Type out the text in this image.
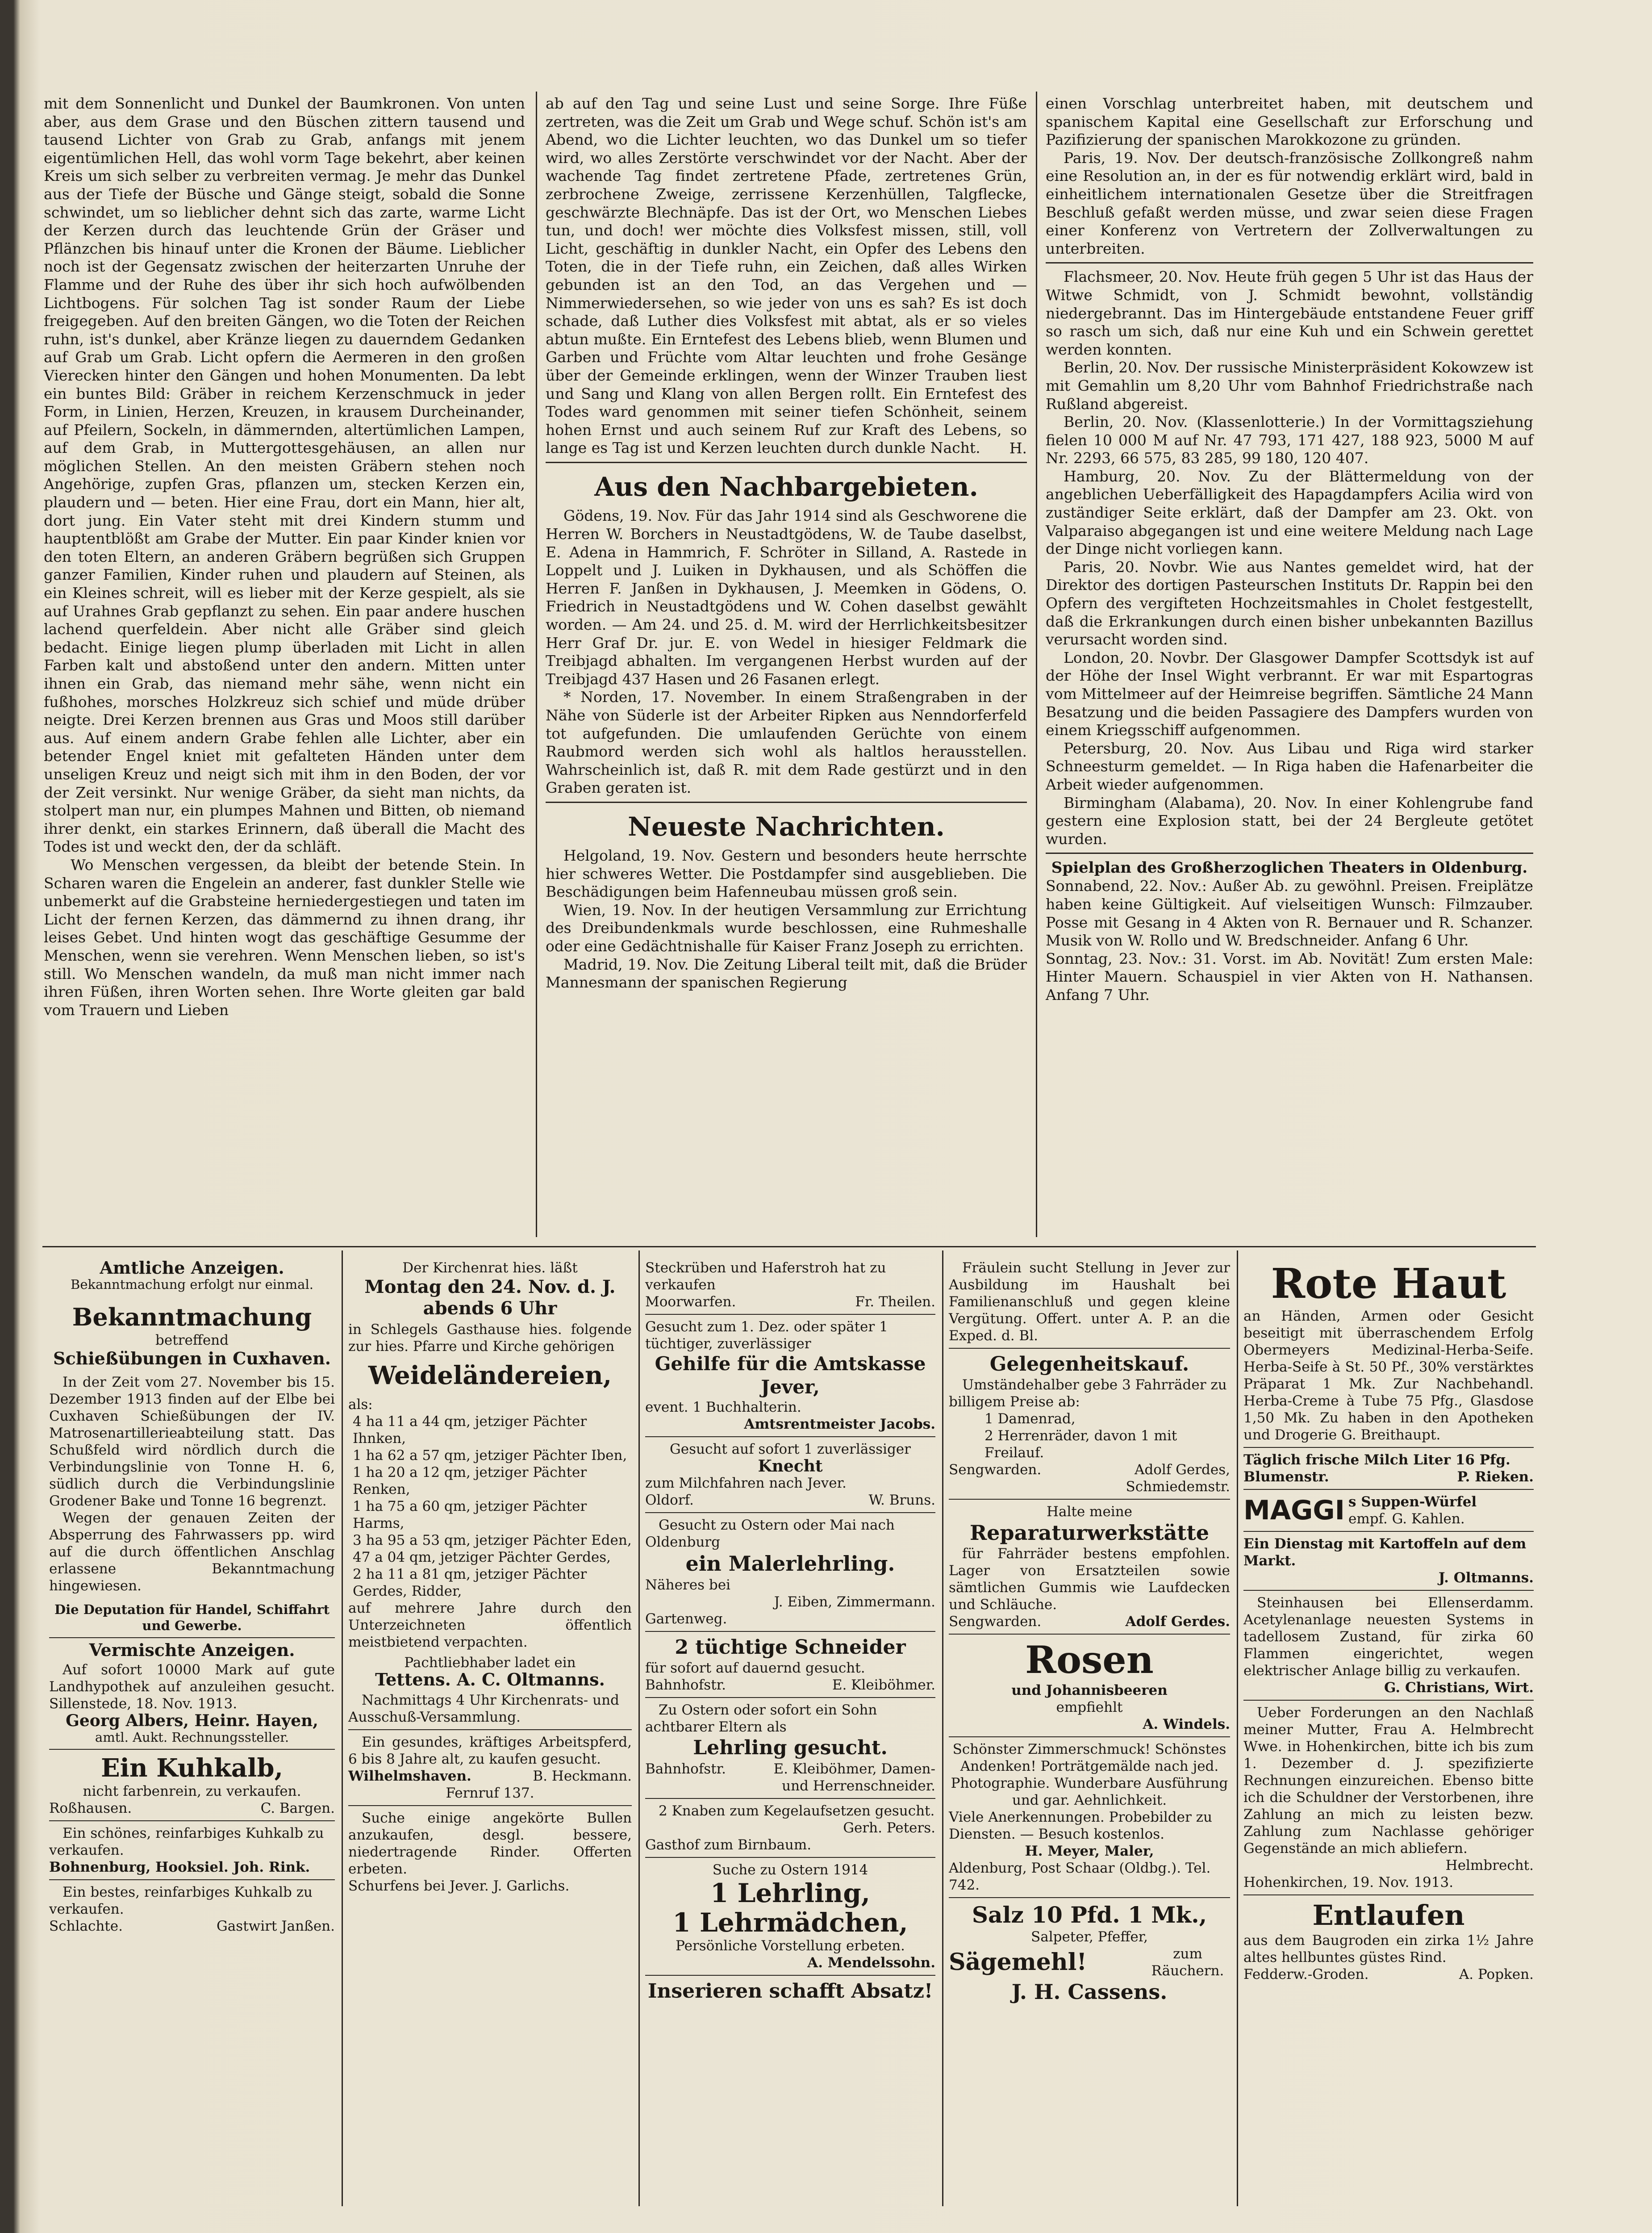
mit dem Sonnenlicht und Dunkel der Baumkronen. Von unten aber, aus dem Grase und den Büschen zittern tausend und tausend Lichter von Grab zu Grab, anfangs mit jenem eigentümlichen Hell, das wohl vorm Tage bekehrt, aber keinen Kreis um sich selber zu verbreiten vermag. Je mehr das Dunkel aus der Tiefe der Büsche und Gänge steigt, sobald die Sonne schwindet, um so lieblicher dehnt sich das zarte, warme Licht der Kerzen durch das leuchtende Grün der Gräser und Pflänzchen bis hinauf unter die Kronen der Bäume. Lieblicher noch ist der Gegensatz zwischen der heiterzarten Unruhe der Flamme und der Ruhe des über ihr sich hoch aufwölbenden Lichtbogens. Für solchen Tag ist sonder Raum der Liebe freigegeben. Auf den breiten Gängen, wo die Toten der Reichen ruhn, ist's dunkel, aber Kränze liegen zu dauerndem Gedanken auf Grab um Grab. Licht opfern die Aermeren in den großen Vierecken hinter den Gängen und hohen Monumenten. Da lebt ein buntes Bild: Gräber in reichem Kerzenschmuck in jeder Form, in Linien, Herzen, Kreuzen, in krausem Durcheinander, auf Pfeilern, Sockeln, in dämmernden, altertümlichen Lampen, auf dem Grab, in Muttergottesgehäusen, an allen nur möglichen Stellen. An den meisten Gräbern stehen noch Angehörige, zupfen Gras, pflanzen um, stecken Kerzen ein, plaudern und — beten. Hier eine Frau, dort ein Mann, hier alt, dort jung. Ein Vater steht mit drei Kindern stumm und hauptentblößt am Grabe der Mutter. Ein paar Kinder knien vor den toten Eltern, an anderen Gräbern begrüßen sich Gruppen ganzer Familien, Kinder ruhen und plaudern auf Steinen, als ein Kleines schreit, will es lieber mit der Kerze gespielt, als sie auf Urahnes Grab gepflanzt zu sehen. Ein paar andere huschen lachend querfeldein. Aber nicht alle Gräber sind gleich bedacht. Einige liegen plump überladen mit Licht in allen Farben kalt und abstoßend unter den andern. Mitten unter ihnen ein Grab, das niemand mehr sähe, wenn nicht ein fußhohes, morsches Holzkreuz sich schief und müde drüber neigte. Drei Kerzen brennen aus Gras und Moos still darüber aus. Auf einem andern Grabe fehlen alle Lichter, aber ein betender Engel kniet mit gefalteten Händen unter dem unseligen Kreuz und neigt sich mit ihm in den Boden, der vor der Zeit versinkt. Nur wenige Gräber, da sieht man nichts, da stolpert man nur, ein plumpes Mahnen und Bitten, ob niemand ihrer denkt, ein starkes Erinnern, daß überall die Macht des Todes ist und weckt den, der da schläft.

Wo Menschen vergessen, da bleibt der betende Stein. In Scharen waren die Engelein an anderer, fast dunkler Stelle wie unbemerkt auf die Grabsteine herniedergestiegen und taten im Licht der fernen Kerzen, das dämmernd zu ihnen drang, ihr leises Gebet. Und hinten wogt das geschäftige Gesumme der Menschen, wenn sie verehren. Wenn Menschen lieben, so ist's still. Wo Menschen wandeln, da muß man nicht immer nach ihren Füßen, ihren Worten sehen. Ihre Worte gleiten gar bald vom Trauern und Lieben

ab auf den Tag und seine Lust und seine Sorge. Ihre Füße zertreten, was die Zeit um Grab und Wege schuf. Schön ist's am Abend, wo die Lichter leuchten, wo das Dunkel um so tiefer wird, wo alles Zerstörte verschwindet vor der Nacht. Aber der wachende Tag findet zertretene Pfade, zertretenes Grün, zerbrochene Zweige, zerrissene Kerzenhüllen, Talgflecke, geschwärzte Blechnäpfe. Das ist der Ort, wo Menschen Liebes tun, und doch! wer möchte dies Volksfest missen, still, voll Licht, geschäftig in dunkler Nacht, ein Opfer des Lebens den Toten, die in der Tiefe ruhn, ein Zeichen, daß alles Wirken gebunden ist an den Tod, an das Vergehen und — Nimmerwiedersehen, so wie jeder von uns es sah? Es ist doch schade, daß Luther dies Volksfest mit abtat, als er so vieles abtun mußte. Ein Erntefest des Lebens blieb, wenn Blumen und Garben und Früchte vom Altar leuchten und frohe Gesänge über der Gemeinde erklingen, wenn der Winzer Trauben liest und Sang und Klang von allen Bergen rollt. Ein Erntefest des Todes ward genommen mit seiner tiefen Schönheit, seinem hohen Ernst und auch seinem Ruf zur Kraft des Lebens, so lange es Tag ist und Kerzen leuchten durch dunkle Nacht.	H.

Aus den Nachbargebieten.

Gödens, 19. Nov. Für das Jahr 1914 sind als Geschworene die Herren W. Borchers in Neustadtgödens, W. de Taube daselbst, E. Adena in Hammrich, F. Schröter in Silland, A. Rastede in Loppelt und J. Luiken in Dykhausen, und als Schöffen die Herren F. Janßen in Dykhausen, J. Meemken in Gödens, O. Friedrich in Neustadtgödens und W. Cohen daselbst gewählt worden. — Am 24. und 25. d. M. wird der Herrlichkeitsbesitzer Herr Graf Dr. jur. E. von Wedel in hiesiger Feldmark die Treibjagd abhalten. Im vergangenen Herbst wurden auf der Treibjagd 437 Hasen und 26 Fasanen erlegt.

* Norden, 17. November. In einem Straßengraben in der Nähe von Süderle ist der Arbeiter Ripken aus Nenndorferfeld tot aufgefunden. Die umlaufenden Gerüchte von einem Raubmord werden sich wohl als haltlos herausstellen. Wahrscheinlich ist, daß R. mit dem Rade gestürzt und in den Graben geraten ist.

Neueste Nachrichten.

Helgoland, 19. Nov. Gestern und besonders heute herrschte hier schweres Wetter. Die Postdampfer sind ausgeblieben. Die Beschädigungen beim Hafenneubau müssen groß sein.

Wien, 19. Nov. In der heutigen Versammlung zur Errichtung des Dreibundenkmals wurde beschlossen, eine Ruhmeshalle oder eine Gedächtnishalle für Kaiser Franz Joseph zu errichten.

Madrid, 19. Nov. Die Zeitung Liberal teilt mit, daß die Brüder Mannesmann der spanischen Regierung

einen Vorschlag unterbreitet haben, mit deutschem und spanischem Kapital eine Gesellschaft zur Erforschung und Pazifizierung der spanischen Marokkozone zu gründen.

Paris, 19. Nov. Der deutsch-französische Zollkongreß nahm eine Resolution an, in der es für notwendig erklärt wird, bald in einheitlichem internationalen Gesetze über die Streitfragen Beschluß gefaßt werden müsse, und zwar seien diese Fragen einer Konferenz von Vertretern der Zollverwaltungen zu unterbreiten.

Flachsmeer, 20. Nov. Heute früh gegen 5 Uhr ist das Haus der Witwe Schmidt, von J. Schmidt bewohnt, vollständig niedergebrannt. Das im Hintergebäude entstandene Feuer griff so rasch um sich, daß nur eine Kuh und ein Schwein gerettet werden konnten.

Berlin, 20. Nov. Der russische Ministerpräsident Kokowzew ist mit Gemahlin um 8,20 Uhr vom Bahnhof Friedrichstraße nach Rußland abgereist.

Berlin, 20. Nov. (Klassenlotterie.) In der Vormittagsziehung fielen 10 000 M auf Nr. 47 793, 171 427, 188 923, 5000 M auf Nr. 2293, 66 575, 83 285, 99 180, 120 407.

Hamburg, 20. Nov. Zu der Blättermeldung von der angeblichen Ueberfälligkeit des Hapagdampfers Acilia wird von zuständiger Seite erklärt, daß der Dampfer am 23. Okt. von Valparaiso abgegangen ist und eine weitere Meldung nach Lage der Dinge nicht vorliegen kann.

Paris, 20. Novbr. Wie aus Nantes gemeldet wird, hat der Direktor des dortigen Pasteurschen Instituts Dr. Rappin bei den Opfern des vergifteten Hochzeitsmahles in Cholet festgestellt, daß die Erkrankungen durch einen bisher unbekannten Bazillus verursacht worden sind.

London, 20. Novbr. Der Glasgower Dampfer Scottsdyk ist auf der Höhe der Insel Wight verbrannt. Er war mit Espartogras vom Mittelmeer auf der Heimreise begriffen. Sämtliche 24 Mann Besatzung und die beiden Passagiere des Dampfers wurden von einem Kriegsschiff aufgenommen.

Petersburg, 20. Nov. Aus Libau und Riga wird starker Schneesturm gemeldet. — In Riga haben die Hafenarbeiter die Arbeit wieder aufgenommen.

Birmingham (Alabama), 20. Nov. In einer Kohlengrube fand gestern eine Explosion statt, bei der 24 Bergleute getötet wurden.

Spielplan des Großherzoglichen Theaters in Oldenburg.

Sonnabend, 22. Nov.: Außer Ab. zu gewöhnl. Preisen. Freiplätze haben keine Gültigkeit. Auf vielseitigen Wunsch: Filmzauber. Posse mit Gesang in 4 Akten von R. Bernauer und R. Schanzer. Musik von W. Rollo und W. Bredschneider. Anfang 6 Uhr.

Sonntag, 23. Nov.: 31. Vorst. im Ab. Novität! Zum ersten Male: Hinter Mauern. Schauspiel in vier Akten von H. Nathansen. Anfang 7 Uhr.

Amtliche Anzeigen.
Bekanntmachung erfolgt nur einmal.
Bekanntmachung
betreffend
Schießübungen in Cuxhaven.

In der Zeit vom 27. November bis 15. Dezember 1913 finden auf der Elbe bei Cuxhaven Schießübungen der IV. Matrosenartillerieabteilung statt. Das Schußfeld wird nördlich durch die Verbindungslinie von Tonne H. 6, südlich durch die Verbindungslinie Grodener Bake und Tonne 16 begrenzt.

Wegen der genauen Zeiten der Absperrung des Fahrwassers pp. wird auf die durch öffentlichen Anschlag erlassene Bekanntmachung hingewiesen.

Die Deputation für Handel, Schiffahrt und Gewerbe.
Vermischte Anzeigen.

Auf sofort 10000 Mark auf gute Landhypothek auf anzuleihen gesucht. Sillenstede, 18. Nov. 1913.

Georg Albers, Heinr. Hayen,
amtl. Aukt. Rechnungssteller.
Ein Kuhkalb,
nicht farbenrein, zu verkaufen.
Roßhausen.	C. Bargen.

Ein schönes, reinfarbiges Kuhkalb zu verkaufen.

Bohnenburg, Hooksiel. Joh. Rink.

Ein bestes, reinfarbiges Kuhkalb zu verkaufen.

Schlachte.	Gastwirt Janßen.
Der Kirchenrat hies. läßt
Montag den 24. Nov. d. J. abends 6 Uhr

in Schlegels Gasthause hies. folgende zur hies. Pfarre und Kirche gehörigen

Weideländereien,
als:
4 ha 11 a 44 qm, jetziger Pächter Ihnken,
1 ha 62 a 57 qm, jetziger Pächter Iben,
1 ha 20 a 12 qm, jetziger Pächter Renken,
1 ha 75 a 60 qm, jetziger Pächter Harms,
3 ha 95 a 53 qm, jetziger Pächter Eden,
47 a 04 qm, jetziger Pächter Gerdes,
2 ha 11 a 81 qm, jetziger Pächter Gerdes, Ridder,

auf mehrere Jahre durch den Unterzeichneten öffentlich meistbietend verpachten.

Pachtliebhaber ladet ein
Tettens. A. C. Oltmanns.

Nachmittags 4 Uhr Kirchenrats- und Ausschuß-Versammlung.

Ein gesundes, kräftiges Arbeitspferd, 6 bis 8 Jahre alt, zu kaufen gesucht.

Wilhelmshaven.	B. Heckmann.
Fernruf 137.

Suche einige angekörte Bullen anzukaufen, desgl. bessere, niedertragende Rinder. Offerten erbeten.

Schurfens bei Jever. J. Garlichs.

Steckrüben und Haferstroh hat zu verkaufen

Moorwarfen.	Fr. Theilen.

Gesucht zum 1. Dez. oder später 1 tüchtiger, zuverlässiger

Gehilfe für die Amtskasse Jever,
event. 1 Buchhalterin.
Amtsrentmeister Jacobs.
Gesucht auf sofort 1 zuverlässiger
Knecht
zum Milchfahren nach Jever.
Oldorf.	W. Bruns.

Gesucht zu Ostern oder Mai nach Oldenburg

ein Malerlehrling.
Näheres bei
J. Eiben, Zimmermann.
Gartenweg.
2 tüchtige Schneider
für sofort auf dauernd gesucht.
Bahnhofstr.	E. Kleiböhmer.

Zu Ostern oder sofort ein Sohn achtbarer Eltern als

Lehrling gesucht.
Bahnhofstr.	E. Kleiböhmer, Damen- und Herrenschneider.

2 Knaben zum Kegelaufsetzen gesucht.

Gerh. Peters.
Gasthof zum Birnbaum.
Suche zu Ostern 1914
1 Lehrling,
1 Lehrmädchen,
Persönliche Vorstellung erbeten.
A. Mendelssohn.
Inserieren schafft Absatz!

Fräulein sucht Stellung in Jever zur Ausbildung im Haushalt bei Familienanschluß und gegen kleine Vergütung. Offert. unter A. P. an die Exped. d. Bl.

Gelegenheitskauf.

Umständehalber gebe 3 Fahrräder zu billigem Preise ab:

1 Damenrad,
2 Herrenräder, davon 1 mit Freilauf.
Sengwarden.	Adolf Gerdes, Schmiedemstr.
Halte meine
Reparaturwerkstätte

für Fahrräder bestens empfohlen. Lager von Ersatzteilen sowie sämtlichen Gummis wie Laufdecken und Schläuche.

Sengwarden.	Adolf Gerdes.
Rosen
und Johannisbeeren
empfiehlt
A. Windels.

Schönster Zimmerschmuck! Schönstes Andenken! Porträtgemälde nach jed. Photographie. Wunderbare Ausführung und gar. Aehnlichkeit.

Viele Anerkennungen. Probebilder zu Diensten. — Besuch kostenlos.

H. Meyer, Maler,
Aldenburg, Post Schaar (Oldbg.). Tel. 742.
Salz 10 Pfd. 1 Mk.,
Salpeter, Pfeffer,
Sägemehl!	zum Räuchern.
J. H. Cassens.
Rote Haut

an Händen, Armen oder Gesicht beseitigt mit überraschendem Erfolg Obermeyers Medizinal-Herba-Seife. Herba-Seife à St. 50 Pf., 30% verstärktes Präparat 1 Mk. Zur Nachbehandl. Herba-Creme à Tube 75 Pfg., Glasdose 1,50 Mk. Zu haben in den Apotheken und Drogerie G. Breithaupt.

Täglich frische Milch Liter 16 Pfg.

Blumenstr.	P. Rieken.
MAGGI s Suppen-Würfel
empf. G. Kahlen.

Ein Dienstag mit Kartoffeln auf dem Markt.

J. Oltmanns.

Steinhausen bei Ellenserdamm. Acetylenanlage neuesten Systems in tadellosem Zustand, für zirka 60 Flammen eingerichtet, wegen elektrischer Anlage billig zu verkaufen.

G. Christians, Wirt.

Ueber Forderungen an den Nachlaß meiner Mutter, Frau A. Helmbrecht Wwe. in Hohenkirchen, bitte ich bis zum 1. Dezember d. J. spezifizierte Rechnungen einzureichen. Ebenso bitte ich die Schuldner der Verstorbenen, ihre Zahlung an mich zu leisten bezw. Zahlung zum Nachlasse gehöriger Gegenstände an mich abliefern.

Helmbrecht.
Hohenkirchen, 19. Nov. 1913.
Entlaufen

aus dem Baugroden ein zirka 1½ Jahre altes hellbuntes güstes Rind.

Fedderw.-Groden.	A. Popken.
